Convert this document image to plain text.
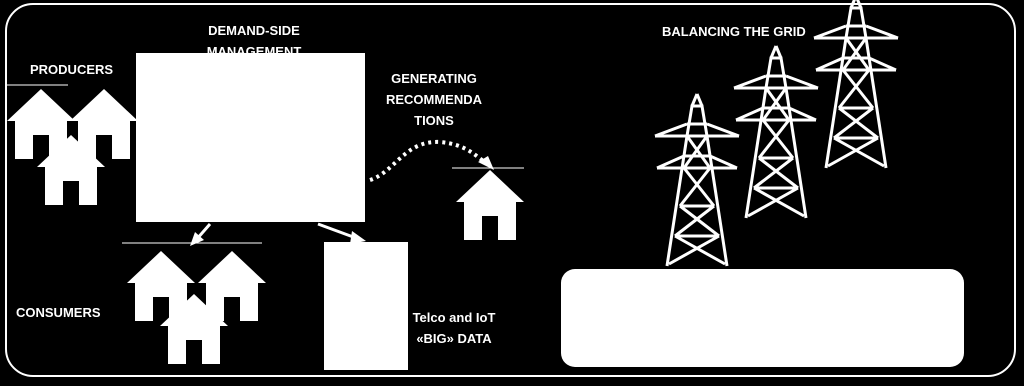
PRODUCERS
DEMAND-SIDE
MANAGEMENT
GENERATING
RECOMMENDA
TIONS
BALANCING THE GRID
CONSUMERS	Telco and IoT
«BIG» DATA
